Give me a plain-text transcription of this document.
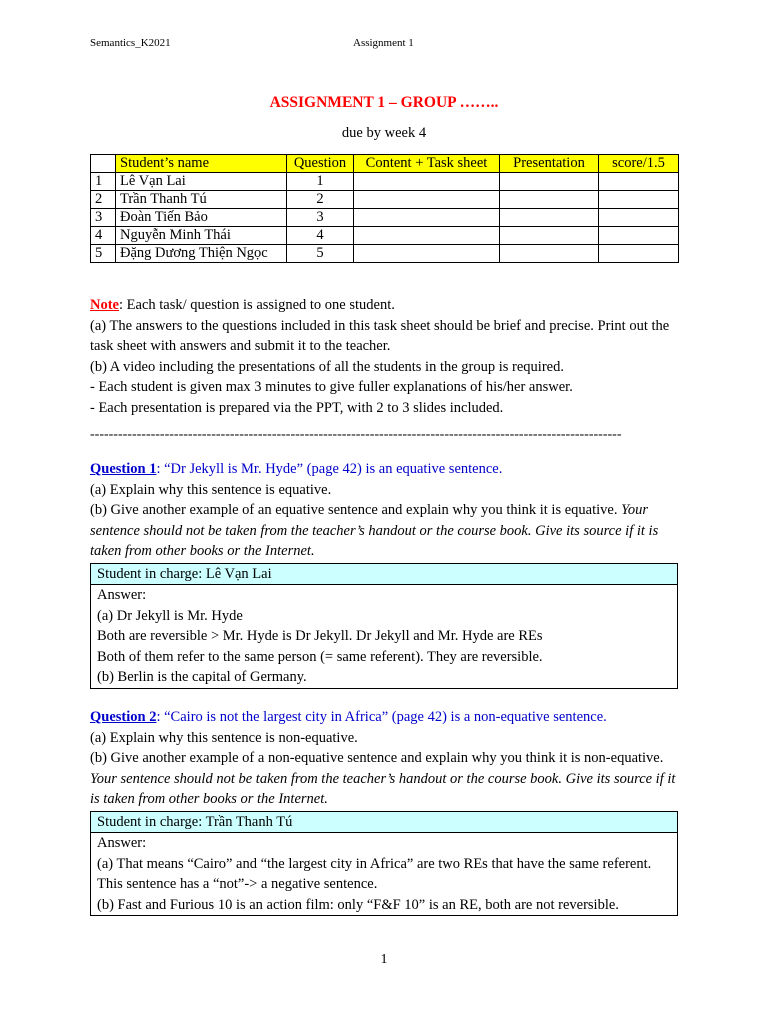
Semantics_K2021	Assignment 1
ASSIGNMENT 1 – GROUP ……..
due by week 4
	Student’s name	Question	Content + Task sheet	Presentation	score/1.5
1	Lê Vạn Lai	1			
2	Trần Thanh Tú	2			
3	Đoàn Tiến Bảo	3			
4	Nguyễn Minh Thái	4			
5	Đặng Dương Thiện Ngọc	5			
Note: Each task/ question is assigned to one student.
(a) The answers to the questions included in this task sheet should be brief and precise. Print out the task sheet with answers and submit it to the teacher.
(b) A video including the presentations of all the students in the group is required.
- Each student is given max 3 minutes to give fuller explanations of his/her answer.
- Each presentation is prepared via the PPT, with 2 to 3 slides included.
------------------------------------------------------------------------------------------------------------------
Question 1: “Dr Jekyll is Mr. Hyde” (page 42) is an equative sentence.
(a) Explain why this sentence is equative.
(b) Give another example of an equative sentence and explain why you think it is equative. Your sentence should not be taken from the teacher’s handout or the course book. Give its source if it is taken from other books or the Internet.
Student in charge: Lê Vạn Lai
Answer:
(a) Dr Jekyll is Mr. Hyde
Both are reversible > Mr. Hyde is Dr Jekyll. Dr Jekyll and Mr. Hyde are REs
Both of them refer to the same person (= same referent). They are reversible.
(b) Berlin is the capital of Germany.
Question 2: “Cairo is not the largest city in Africa” (page 42) is a non-equative sentence.
(a) Explain why this sentence is non-equative.
(b) Give another example of a non-equative sentence and explain why you think it is non-equative. Your sentence should not be taken from the teacher’s handout or the course book. Give its source if it is taken from other books or the Internet.
Student in charge: Trần Thanh Tú
Answer:
(a) That means “Cairo” and “the largest city in Africa” are two REs that have the same referent. This sentence has a “not”-> a negative sentence.
(b) Fast and Furious 10 is an action film: only “F&F 10” is an RE, both are not reversible.
1
